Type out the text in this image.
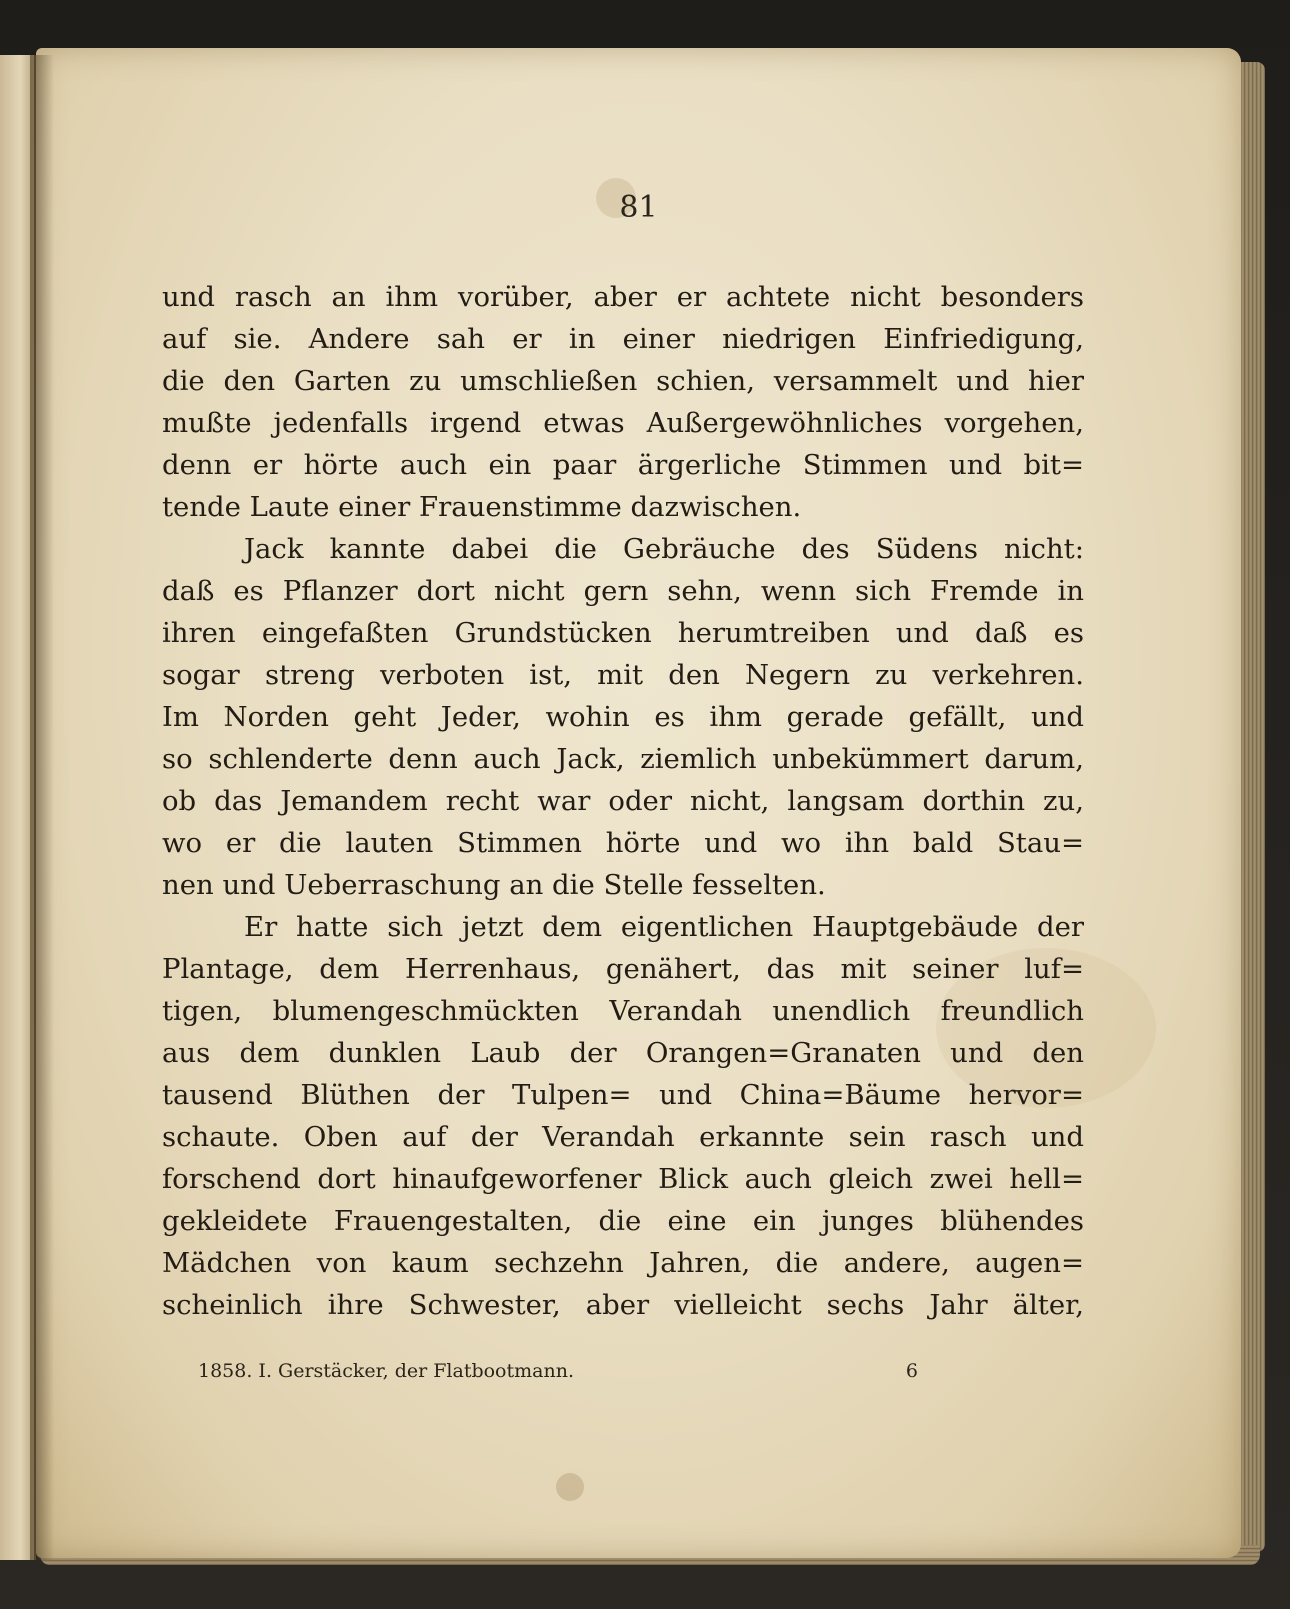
81
und rasch an ihm vorüber, aber er achtete nicht besonders
auf sie. Andere sah er in einer niedrigen Einfriedigung,
die den Garten zu umschließen schien, versammelt und hier
mußte jedenfalls irgend etwas Außergewöhnliches vorgehen,
denn er hörte auch ein paar ärgerliche Stimmen und bit=
tende Laute einer Frauenstimme dazwischen.
Jack kannte dabei die Gebräuche des Südens nicht:
daß es Pflanzer dort nicht gern sehn, wenn sich Fremde in
ihren eingefaßten Grundstücken herumtreiben und daß es
sogar streng verboten ist, mit den Negern zu verkehren.
Im Norden geht Jeder, wohin es ihm gerade gefällt, und
so schlenderte denn auch Jack, ziemlich unbekümmert darum,
ob das Jemandem recht war oder nicht, langsam dorthin zu,
wo er die lauten Stimmen hörte und wo ihn bald Stau=
nen und Ueberraschung an die Stelle fesselten.
Er hatte sich jetzt dem eigentlichen Hauptgebäude der
Plantage, dem Herrenhaus, genähert, das mit seiner luf=
tigen, blumengeschmückten Verandah unendlich freundlich
aus dem dunklen Laub der Orangen=Granaten und den
tausend Blüthen der Tulpen= und China=Bäume hervor=
schaute. Oben auf der Verandah erkannte sein rasch und
forschend dort hinaufgeworfener Blick auch gleich zwei hell=
gekleidete Frauengestalten, die eine ein junges blühendes
Mädchen von kaum sechzehn Jahren, die andere, augen=
scheinlich ihre Schwester, aber vielleicht sechs Jahr älter,
1858. I. Gerstäcker, der Flatbootmann.	6
